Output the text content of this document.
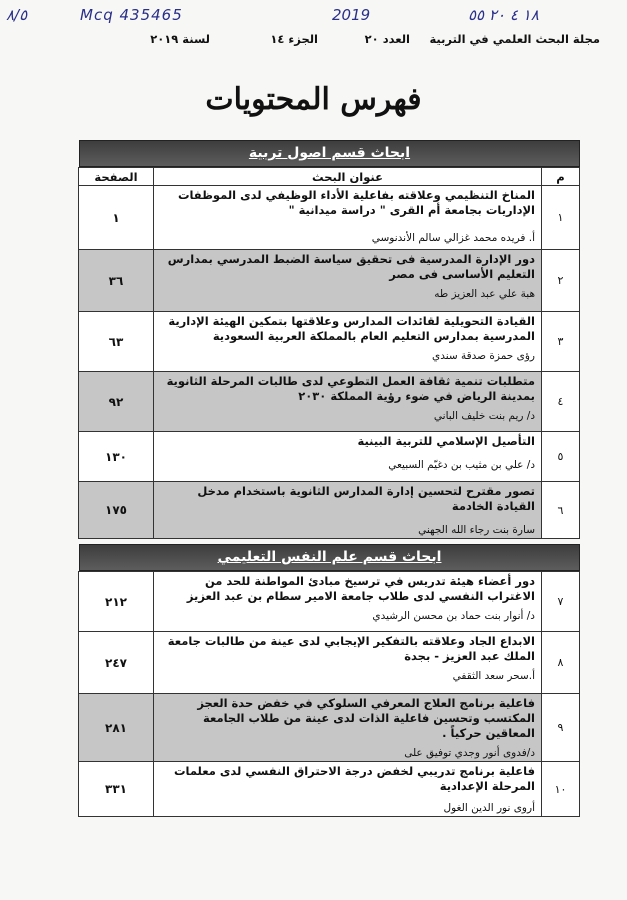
٨/٥	Mcq 435465	2019	١٨ ٤ ٢٠ ٥٥
مجلة البحث العلمي في التربية
العدد ٢٠
الجزء ١٤
لسنة ٢٠١٩
فهرس المحتويات
ابحاث قسم اصول تربية
م	عنوان البحث	الصفحة
١	المناخ التنظيمي وعلاقته بفاعلية الأداء الوظيفي لدى الموظفات الإداريات بجامعة أم القرى " دراسة ميدانية "
أ. فريده محمد غزالي سالم الأندنوسي	١
٢	دور الإدارة المدرسية فى تحقيق سياسة الضبط المدرسي بمدارس التعليم الأساسى فى مصر
هبة علي عبد العزيز طه	٣٦
٣	القيادة التحويلية لقائدات المدارس وعلاقتها بتمكين الهيئة الإدارية المدرسية بمدارس التعليم العام بالمملكة العربية السعودية
رؤى حمزة صدقة سندي	٦٣
٤	متطلبات تنمية ثقافة العمل التطوعي لدى طالبات المرحلة الثانوية بمدينة الرياض في ضوء رؤية المملكة ٢٠٣٠
د/ ريم بنت خليف الباني	٩٢
٥	التأصيل الإسلامي للتربية البينية
د/ علي بن مثيب بن دغيّم السبيعي	١٣٠
٦	تصور مقترح لتحسين إدارة المدارس الثانوية باستخدام مدخل القيادة الخادمة
سارة بنت رجاء الله الجهني	١٧٥
ابحاث قسم علم النفس التعليمي
٧	دور أعضاء هيئة تدريس في ترسيخ مبادئ المواطنة للحد من الاغتراب النفسي لدى طلاب جامعة الامير سطام بن عبد العزيز
د/ أنوار بنت حماد بن محسن الرشيدي	٢١٢
٨	الابداع الجاد وعلاقته بالتفكير الإيجابي لدى عينة من طالبات جامعة الملك عبد العزيز - بجدة
أ.سحر سعد الثقفي	٢٤٧
٩	فاعلية برنامج العلاج المعرفي السلوكي في خفض حدة العجز المكتسب وتحسين فاعلية الذات لدى عينة من طلاب الجامعة المعاقين حركياً .
د/فدوى أنور وجدي توفيق على	٢٨١
١٠	فاعلية برنامج تدريبي لخفض درجة الاحتراق النفسي لدى معلمات المرحلة الإعدادية
أروى نور الدين الغول	٣٣١
